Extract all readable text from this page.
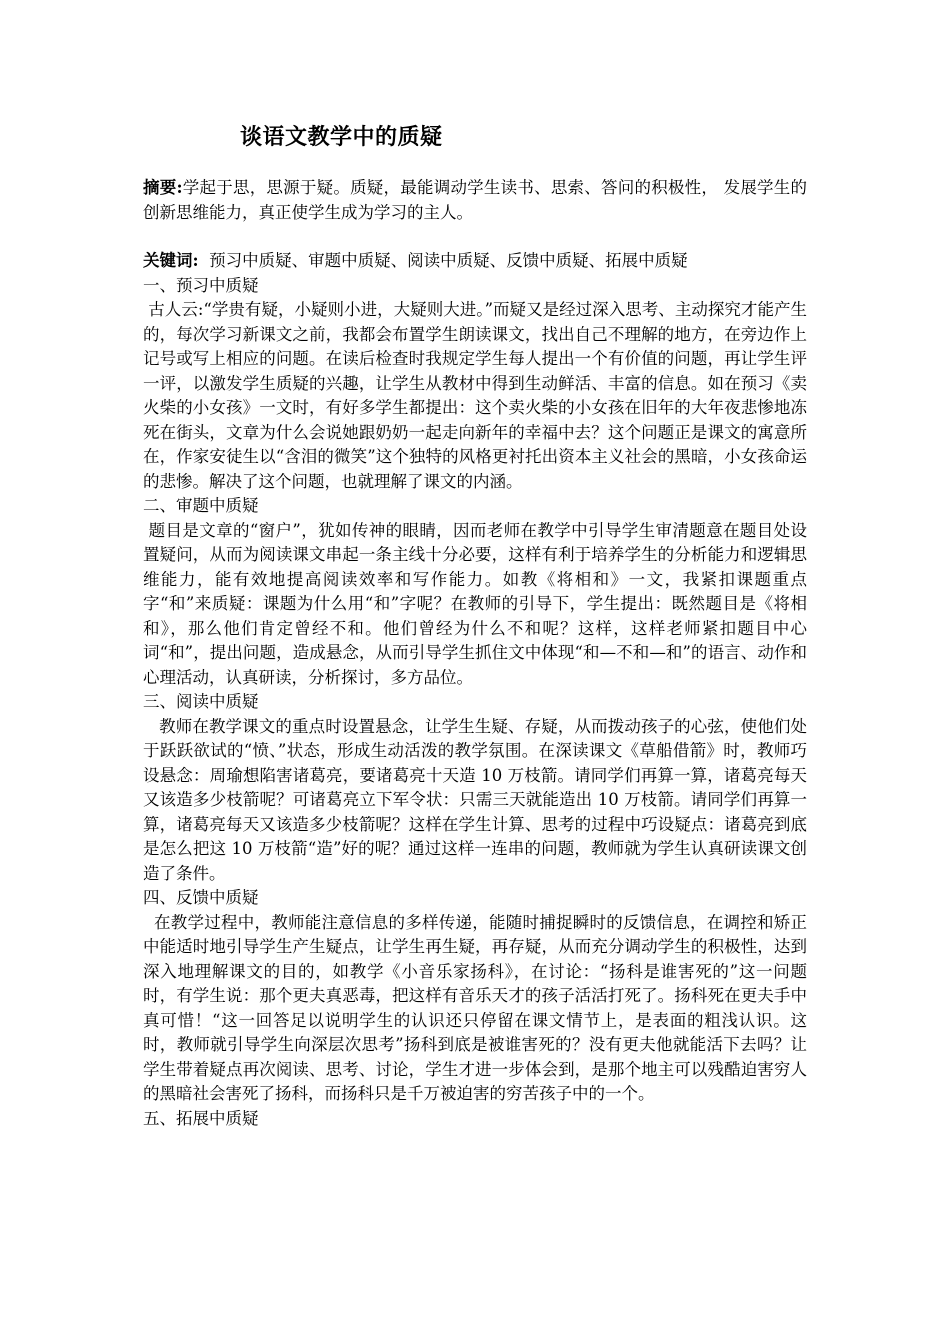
谈语文教学中的质疑
摘要:学起于思，思源于疑。质疑，最能调动学生读书、思索、答问的积极性， 发展学生的创新思维能力，真正使学生成为学习的主人。
关键词:  预习中质疑、审题中质疑、阅读中质疑、反馈中质疑、拓展中质疑
一、预习中质疑
古人云:“学贵有疑，小疑则小进，大疑则大进。”而疑又是经过深入思考、主动探究才能产生的，每次学习新课文之前，我都会布置学生朗读课文，找出自己不理解的地方，在旁边作上记号或写上相应的问题。在读后检查时我规定学生每人提出一个有价值的问题，再让学生评一评，以激发学生质疑的兴趣，让学生从教材中得到生动鲜活、丰富的信息。如在预习《卖火柴的小女孩》一文时，有好多学生都提出：这个卖火柴的小女孩在旧年的大年夜悲惨地冻死在街头，文章为什么会说她跟奶奶一起走向新年的幸福中去？这个问题正是课文的寓意所在，作家安徒生以“含泪的微笑”这个独特的风格更衬托出资本主义社会的黑暗，小女孩命运的悲惨。解决了这个问题，也就理解了课文的内涵。
二、审题中质疑
题目是文章的“窗户”，犹如传神的眼睛，因而老师在教学中引导学生审清题意在题目处设置疑问，从而为阅读课文串起一条主线十分必要，这样有利于培养学生的分析能力和逻辑思维能力，能有效地提高阅读效率和写作能力。如教《将相和》一文，我紧扣课题重点字“和”来质疑：课题为什么用“和”字呢？在教师的引导下，学生提出：既然题目是《将相和》，那么他们肯定曾经不和。他们曾经为什么不和呢？这样，这样老师紧扣题目中心词“和”，提出问题，造成悬念，从而引导学生抓住文中体现“和—不和—和”的语言、动作和心理活动，认真研读，分析探讨，多方品位。
三、阅读中质疑
教师在教学课文的重点时设置悬念，让学生生疑、存疑，从而拨动孩子的心弦，使他们处于跃跃欲试的“愤、”状态，形成生动活泼的教学氛围。在深读课文《草船借箭》时，教师巧设悬念：周瑜想陷害诸葛亮，要诸葛亮十天造 10 万枝箭。请同学们再算一算，诸葛亮每天又该造多少枝箭呢？可诸葛亮立下军令状：只需三天就能造出 10 万枝箭。请同学们再算一算，诸葛亮每天又该造多少枝箭呢？这样在学生计算、思考的过程中巧设疑点：诸葛亮到底是怎么把这 10 万枝箭“造”好的呢？通过这样一连串的问题，教师就为学生认真研读课文创造了条件。
四、反馈中质疑
在教学过程中，教师能注意信息的多样传递，能随时捕捉瞬时的反馈信息，在调控和矫正中能适时地引导学生产生疑点，让学生再生疑，再存疑，从而充分调动学生的积极性，达到深入地理解课文的目的，如教学《小音乐家扬科》，在讨论：“扬科是谁害死的”这一问题时，有学生说：那个更夫真恶毒，把这样有音乐天才的孩子活活打死了。扬科死在更夫手中真可惜！“这一回答足以说明学生的认识还只停留在课文情节上，是表面的粗浅认识。这时，教师就引导学生向深层次思考”扬科到底是被谁害死的？没有更夫他就能活下去吗？让学生带着疑点再次阅读、思考、讨论，学生才进一步体会到，是那个地主可以残酷迫害穷人的黑暗社会害死了扬科，而扬科只是千万被迫害的穷苦孩子中的一个。
五、拓展中质疑
